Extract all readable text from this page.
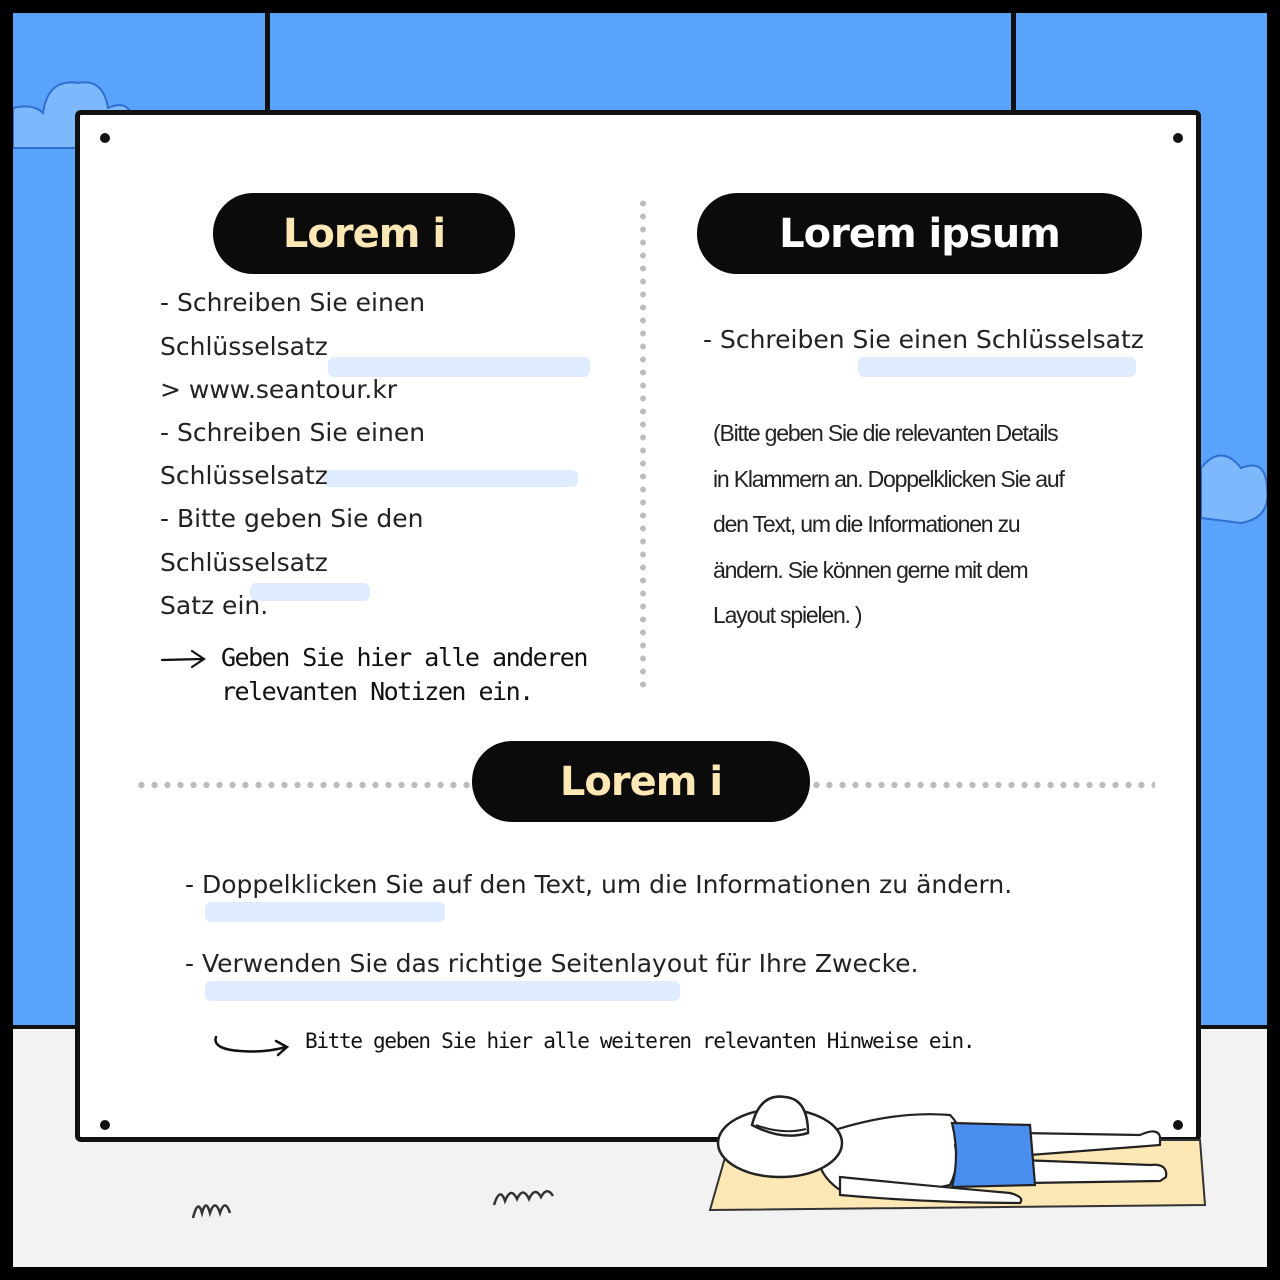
Lorem i
- Schreiben Sie einen
Schlüsselsatz
> www.seantour.kr
- Schreiben Sie einen
Schlüsselsatz
- Bitte geben Sie den
Schlüsselsatz
Satz ein.
Geben Sie hier alle anderen
relevanten Notizen ein.
Lorem ipsum
- Schreiben Sie einen Schlüsselsatz
(Bitte geben Sie die relevanten Details
in Klammern an. Doppelklicken Sie auf
den Text, um die Informationen zu
ändern. Sie können gerne mit dem
Layout spielen. )
Lorem i
- Doppelklicken Sie auf den Text, um die Informationen zu ändern.
- Verwenden Sie das richtige Seitenlayout für Ihre Zwecke.
Bitte geben Sie hier alle weiteren relevanten Hinweise ein.
